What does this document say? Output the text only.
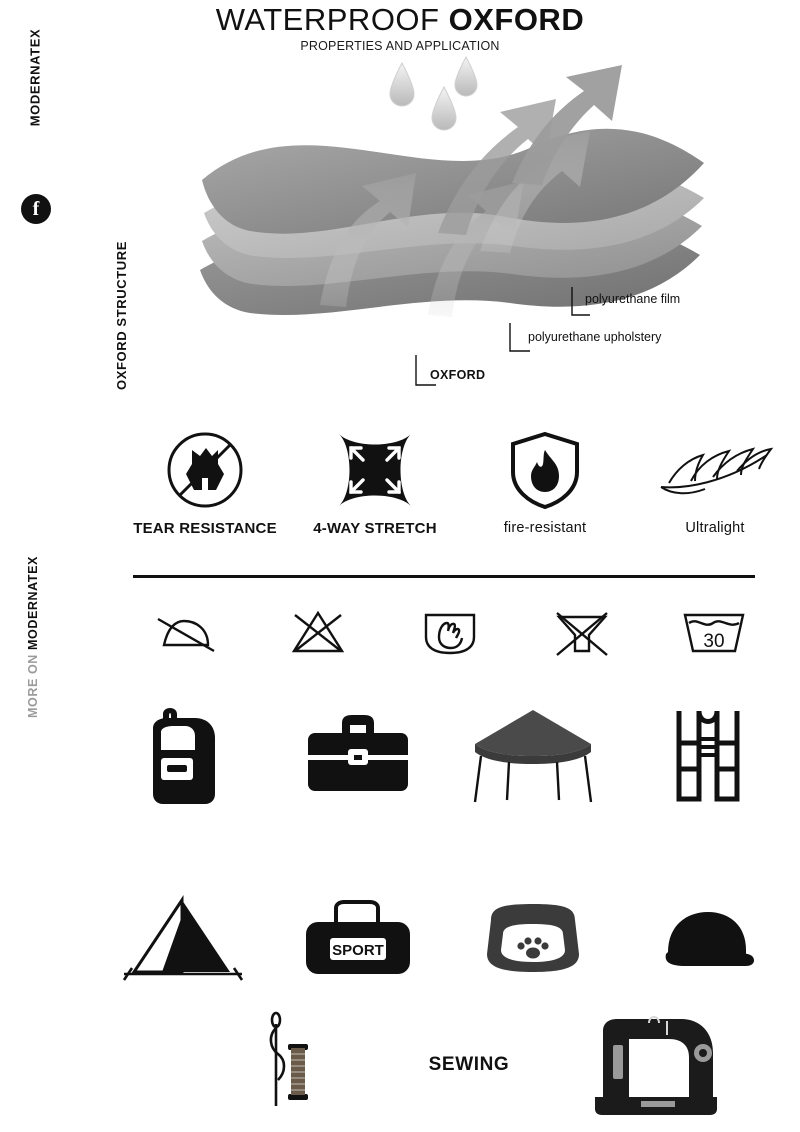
WATERPROOF OXFORD
PROPERTIES AND APPLICATION
MODERNATEX
f
OXFORD STRUCTURE
MORE ON MODERNATEX
polyurethane film
polyurethane upholstery
OXFORD
TEAR RESISTANCE	4-WAY STRETCH	fire-resistant	Ultralight
30
SPORT
SEWING
